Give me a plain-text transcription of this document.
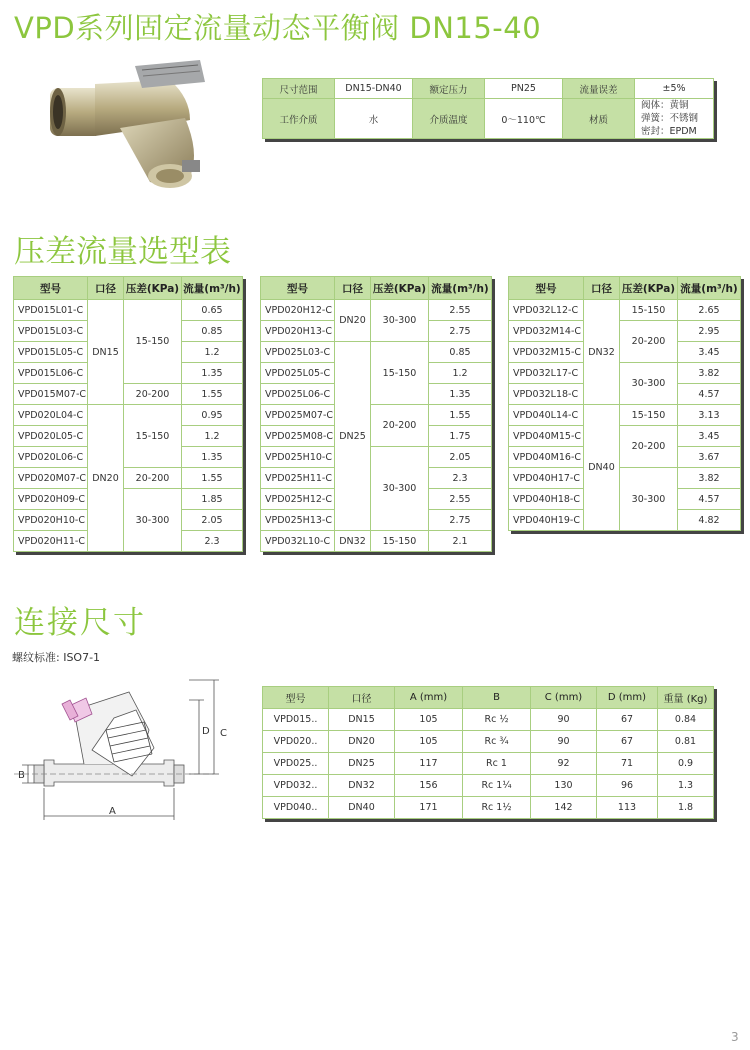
VPD系列固定流量动态平衡阀 DN15-40
尺寸范围	DN15-DN40	额定压力	PN25	流量误差	±5%
工作介质	水	介质温度	0～110℃	材质	阀体：黄铜
弹簧：不锈钢
密封：EPDM
压差流量选型表
型号	口径	压差(KPa)	流量(m³/h)
VPD015L01-C	DN15	15-150	0.65
VPD015L03-C			0.85
VPD015L05-C			1.2
VPD015L06-C			1.35
VPD015M07-C		20-200	1.55
VPD020L04-C	DN20	15-150	0.95
VPD020L05-C			1.2
VPD020L06-C			1.35
VPD020M07-C		20-200	1.55
VPD020H09-C		30-300	1.85
VPD020H10-C			2.05
VPD020H11-C			2.3
型号	口径	压差(KPa)	流量(m³/h)
VPD020H12-C	DN20	30-300	2.55
VPD020H13-C			2.75
VPD025L03-C	DN25	15-150	0.85
VPD025L05-C			1.2
VPD025L06-C			1.35
VPD025M07-C		20-200	1.55
VPD025M08-C			1.75
VPD025H10-C		30-300	2.05
VPD025H11-C			2.3
VPD025H12-C			2.55
VPD025H13-C			2.75
VPD032L10-C	DN32	15-150	2.1
型号	口径	压差(KPa)	流量(m³/h)
VPD032L12-C	DN32	15-150	2.65
VPD032M14-C		20-200	2.95
VPD032M15-C			3.45
VPD032L17-C		30-300	3.82
VPD032L18-C			4.57
VPD040L14-C	DN40	15-150	3.13
VPD040M15-C		20-200	3.45
VPD040M16-C			3.67
VPD040H17-C		30-300	3.82
VPD040H18-C			4.57
VPD040H19-C			4.82
连接尺寸
螺纹标准: ISO7-1
A
B
C
D
型号	口径	A (mm)	B	C (mm)	D (mm)	重量 (Kg)
VPD015..	DN15	105	Rc ½	90	67	0.84
VPD020..	DN20	105	Rc ¾	90	67	0.81
VPD025..	DN25	117	Rc 1	92	71	0.9
VPD032..	DN32	156	Rc 1¼	130	96	1.3
VPD040..	DN40	171	Rc 1½	142	113	1.8
3
